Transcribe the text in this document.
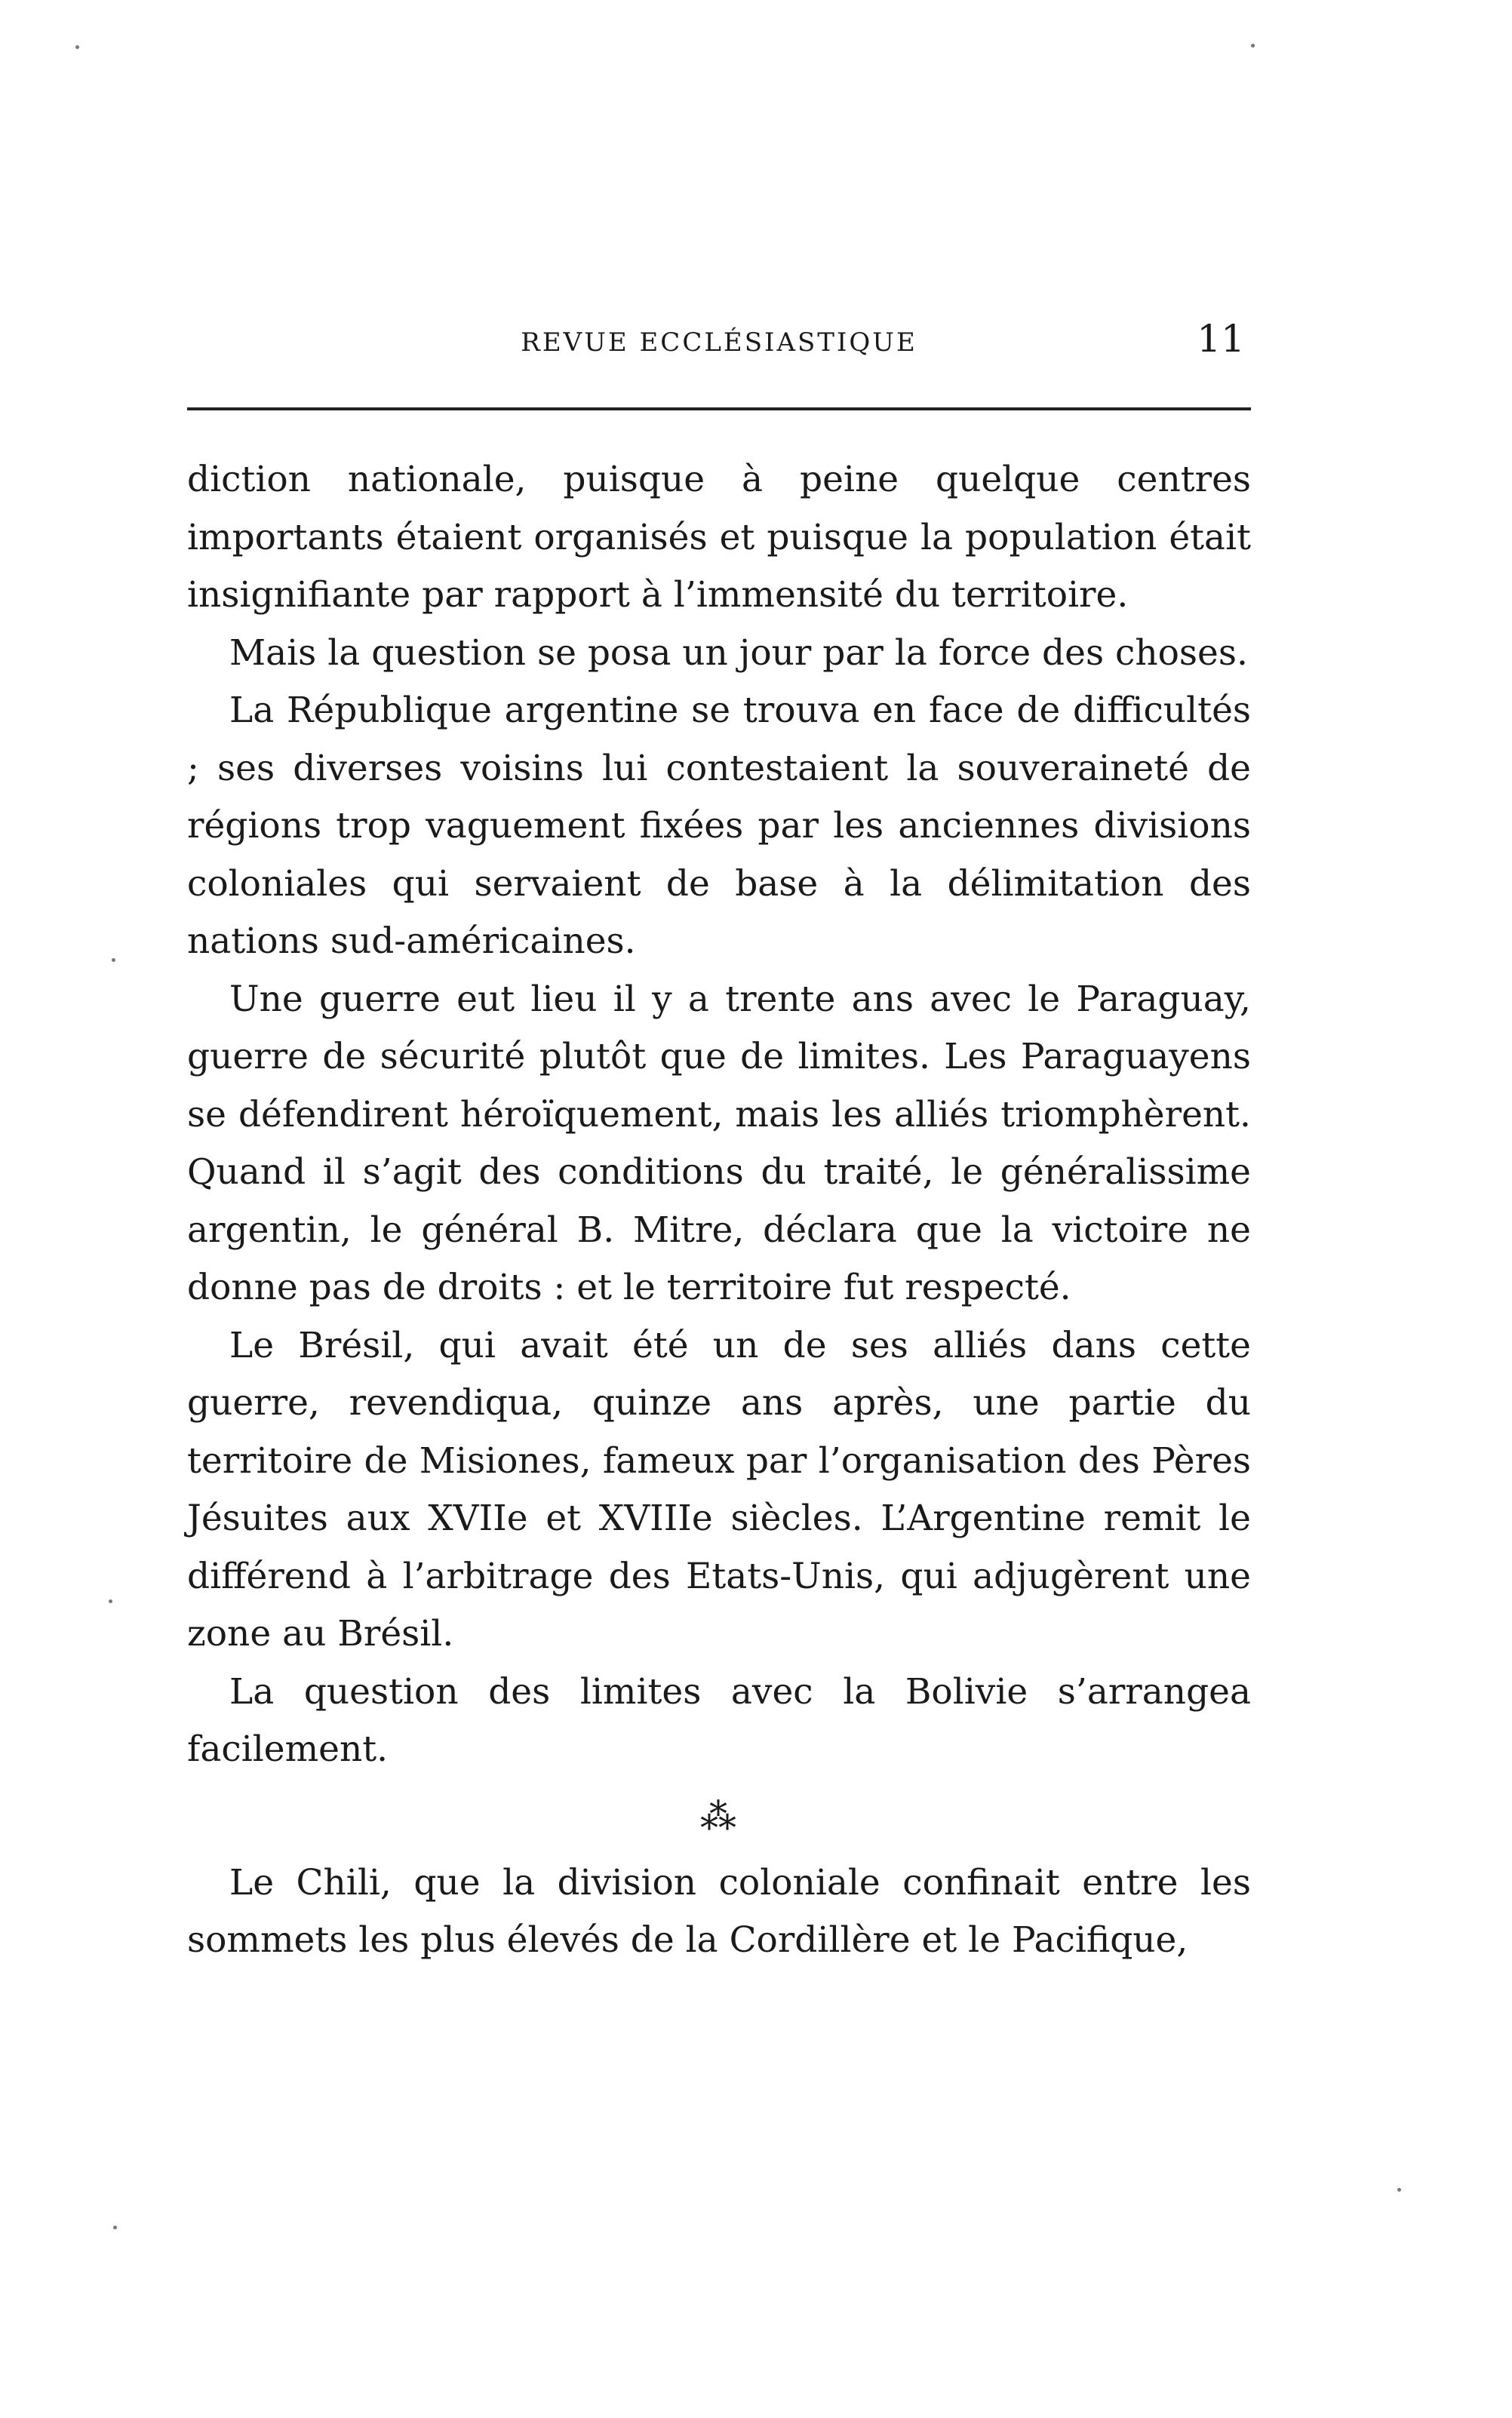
REVUE ECCLÉSIASTIQUE	11

diction nationale, puisque à peine quelque centres importants étaient organisés et puisque la population était insignifiante par rapport à l’immensité du territoire.

Mais la question se posa un jour par la force des choses.

La République argentine se trouva en face de difficultés ; ses diverses voisins lui contestaient la souveraineté de régions trop vaguement fixées par les anciennes divisions coloniales qui servaient de base à la délimitation des nations sud-américaines.

Une guerre eut lieu il y a trente ans avec le Paraguay, guerre de sécurité plutôt que de limites. Les Paraguayens se défendirent héroïquement, mais les alliés triomphèrent. Quand il s’agit des conditions du traité, le généralissime argentin, le général B. Mitre, déclara que la victoire ne donne pas de droits : et le territoire fut respecté.

Le Brésil, qui avait été un de ses alliés dans cette guerre, revendiqua, quinze ans après, une partie du territoire de Misiones, fameux par l’organisation des Pères Jésuites aux XVIIe et XVIIIe siècles. L’Argentine remit le différend à l’arbitrage des Etats-Unis, qui adjugèrent une zone au Brésil.

La question des limites avec la Bolivie s’arrangea facilement.

⁂

Le Chili, que la division coloniale confinait entre les sommets les plus élevés de la Cordillère et le Pacifique,
